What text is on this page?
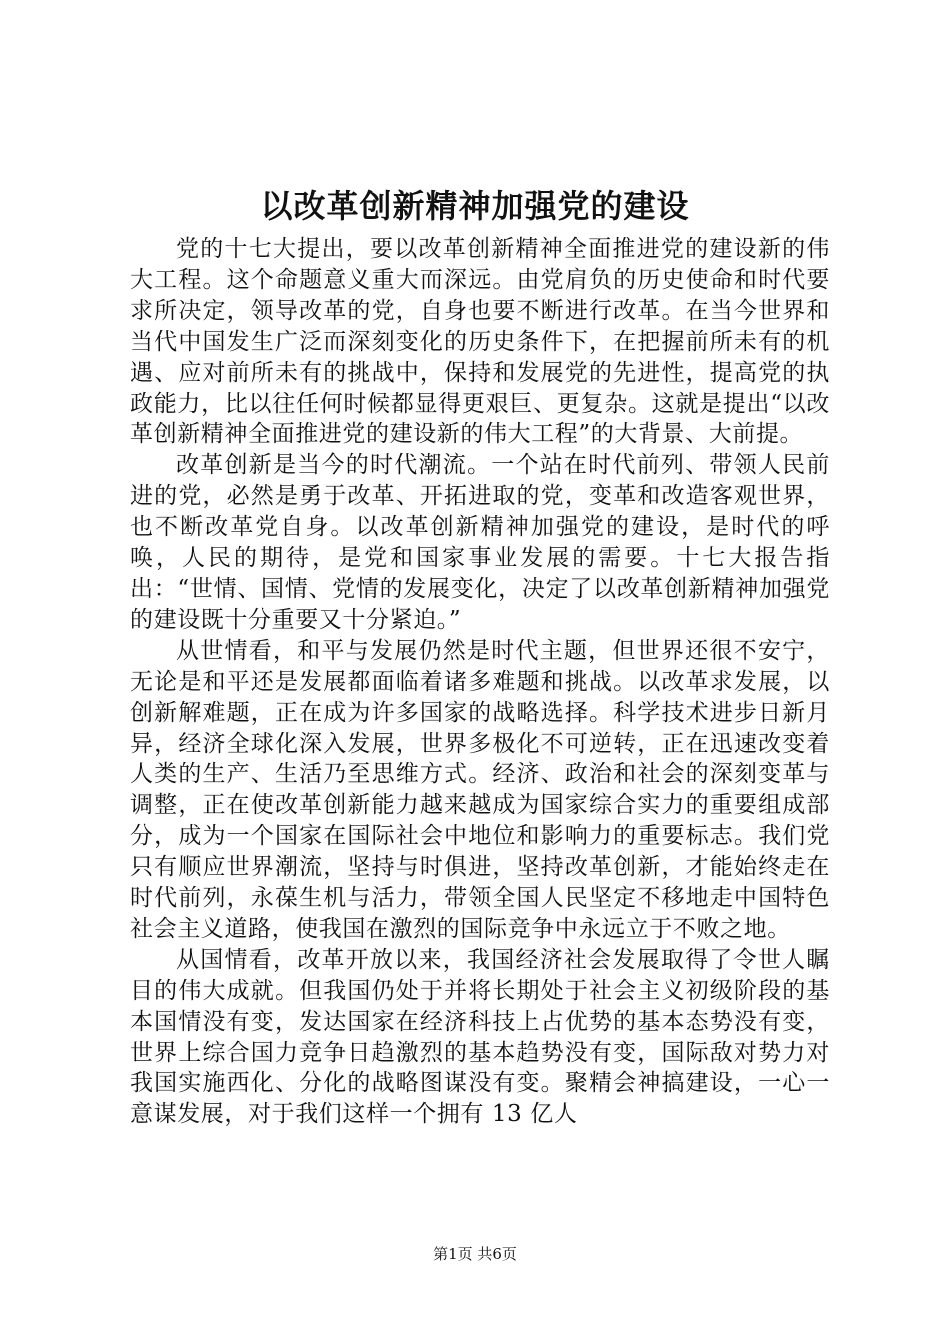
以改革创新精神加强党的建设

党的十七大提出，要以改革创新精神全面推进党的建设新的伟大工程。这个命题意义重大而深远。由党肩负的历史使命和时代要求所决定，领导改革的党，自身也要不断进行改革。在当今世界和当代中国发生广泛而深刻变化的历史条件下，在把握前所未有的机遇、应对前所未有的挑战中，保持和发展党的先进性，提高党的执政能力，比以往任何时候都显得更艰巨、更复杂。这就是提出“以改革创新精神全面推进党的建设新的伟大工程”的大背景、大前提。

改革创新是当今的时代潮流。一个站在时代前列、带领人民前进的党，必然是勇于改革、开拓进取的党，变革和改造客观世界，也不断改革党自身。以改革创新精神加强党的建设，是时代的呼唤，人民的期待，是党和国家事业发展的需要。十七大报告指出：“世情、国情、党情的发展变化，决定了以改革创新精神加强党的建设既十分重要又十分紧迫。”

从世情看，和平与发展仍然是时代主题，但世界还很不安宁，无论是和平还是发展都面临着诸多难题和挑战。以改革求发展，以创新解难题，正在成为许多国家的战略选择。科学技术进步日新月异，经济全球化深入发展，世界多极化不可逆转，正在迅速改变着人类的生产、生活乃至思维方式。经济、政治和社会的深刻变革与调整，正在使改革创新能力越来越成为国家综合实力的重要组成部分，成为一个国家在国际社会中地位和影响力的重要标志。我们党只有顺应世界潮流，坚持与时俱进，坚持改革创新，才能始终走在时代前列，永葆生机与活力，带领全国人民坚定不移地走中国特色社会主义道路，使我国在激烈的国际竞争中永远立于不败之地。

从国情看，改革开放以来，我国经济社会发展取得了令世人瞩目的伟大成就。但我国仍处于并将长期处于社会主义初级阶段的基本国情没有变，发达国家在经济科技上占优势的基本态势没有变，世界上综合国力竞争日趋激烈的基本趋势没有变，国际敌对势力对我国实施西化、分化的战略图谋没有变。聚精会神搞建设，一心一意谋发展，对于我们这样一个拥有 13 亿人

第1页 共6页
